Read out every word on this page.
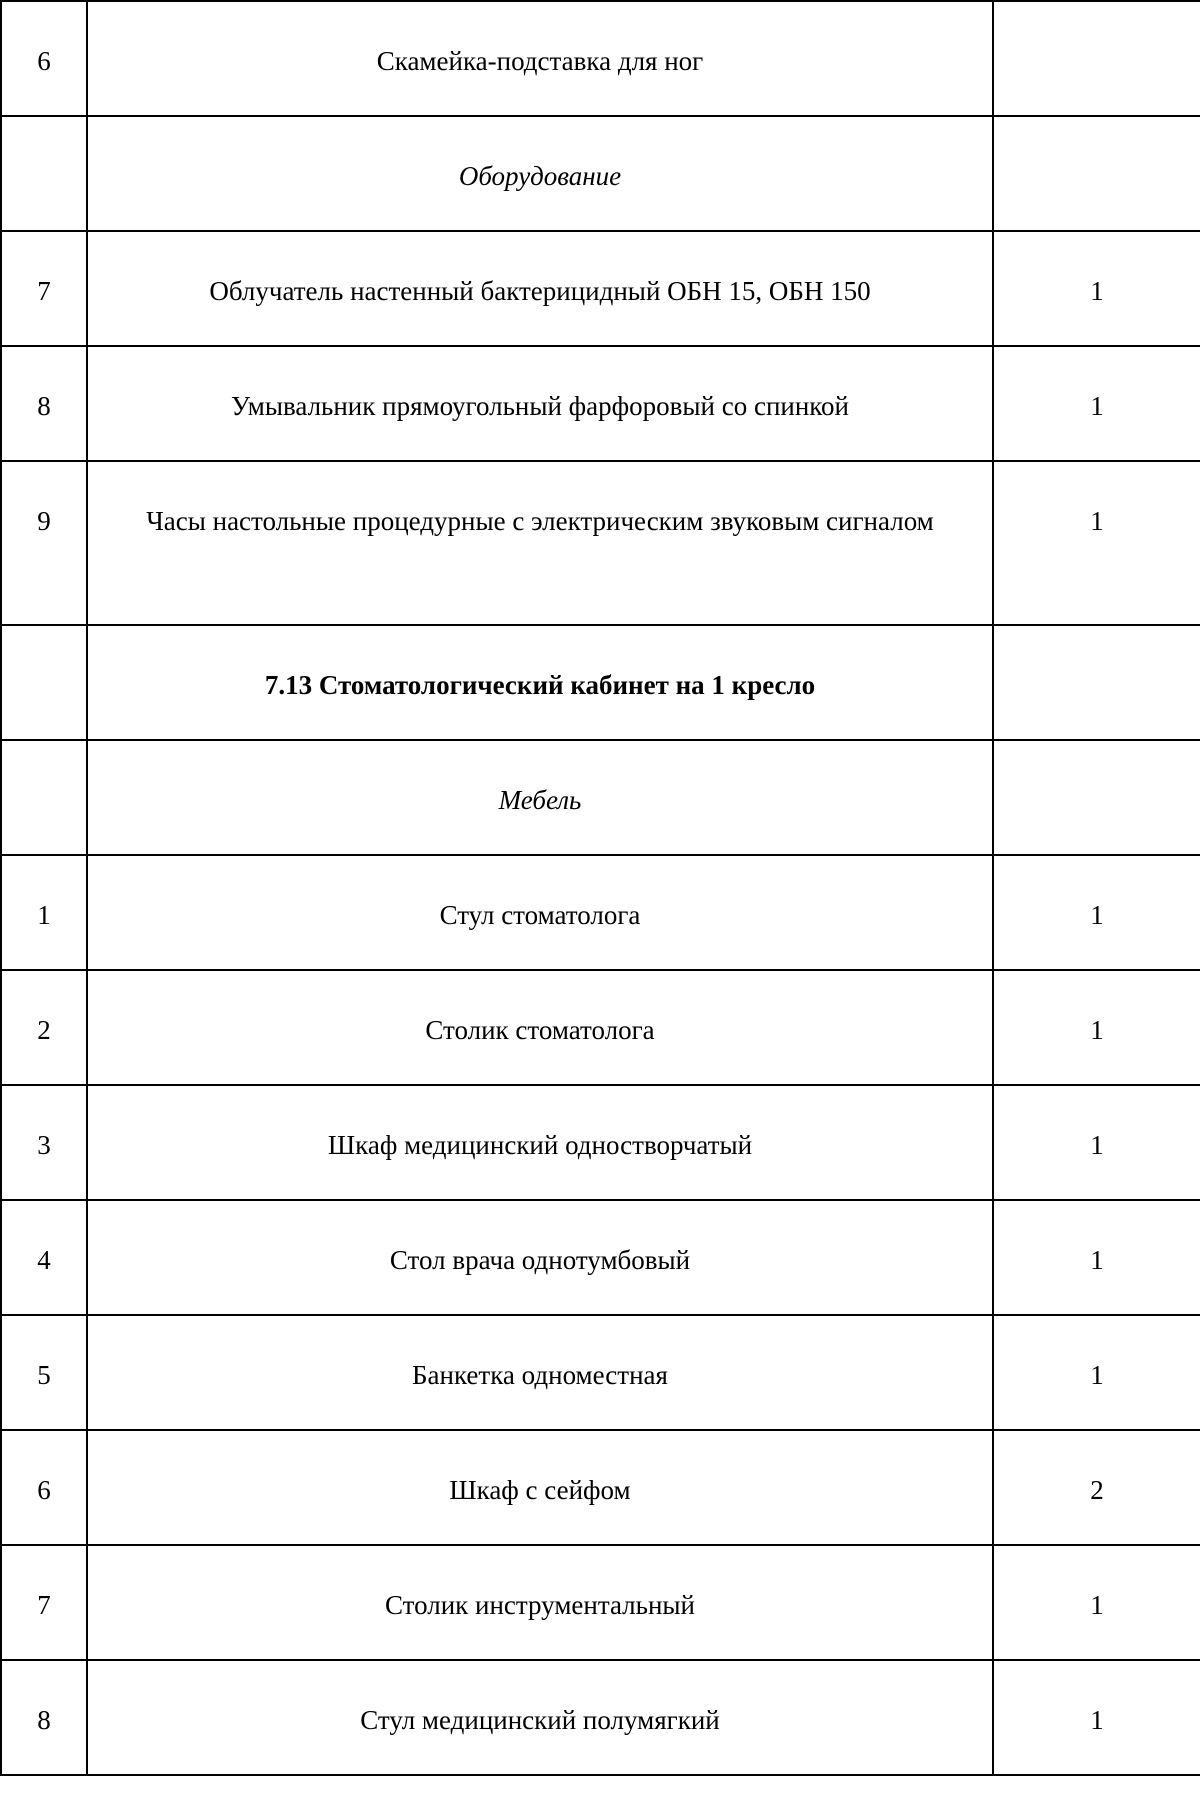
6	Скамейка-подставка для ног	

	Оборудование	

7	Облучатель настенный бактерицидный ОБН 15, ОБН 150	1

8	Умывальник прямоугольный фарфоровый со спинкой	1

9	Часы настольные процедурные с электрическим звуковым сигналом	1

	7.13 Стоматологический кабинет на 1 кресло	

	Мебель	

1	Стул стоматолога	1

2	Столик стоматолога	1

3	Шкаф медицинский одностворчатый	1

4	Стол врача однотумбовый	1

5	Банкетка одноместная	1

6	Шкаф с сейфом	2

7	Столик инструментальный	1

8	Стул медицинский полумягкий	1
